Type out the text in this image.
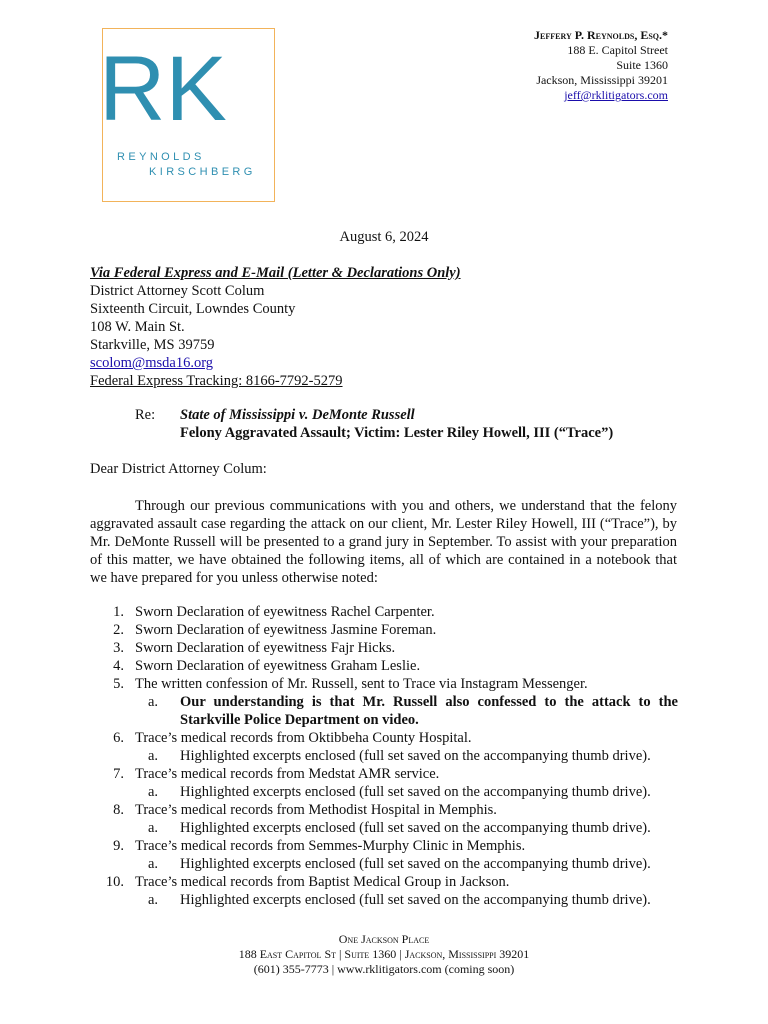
RK
REYNOLDS
KIRSCHBERG
Jeffery P. Reynolds, Esq.*
188 E. Capitol Street
Suite 1360
Jackson, Mississippi 39201
jeff@rklitigators.com
August 6, 2024
Via Federal Express and E-Mail (Letter & Declarations Only)
District Attorney Scott Colum
Sixteenth Circuit, Lowndes County
108 W. Main St.
Starkville, MS 39759
scolom@msda16.org
Federal Express Tracking: 8166-7792-5279
Re: State of Mississippi v. DeMonte Russell
Felony Aggravated Assault; Victim: Lester Riley Howell, III (“Trace”)
Dear District Attorney Colum:
Through our previous communications with you and others, we understand that the felony aggravated assault case regarding the attack on our client, Mr. Lester Riley Howell, III (“Trace”), by Mr. DeMonte Russell will be presented to a grand jury in September. To assist with your preparation of this matter, we have obtained the following items, all of which are contained in a notebook that we have prepared for you unless otherwise noted:
1. Sworn Declaration of eyewitness Rachel Carpenter.
2. Sworn Declaration of eyewitness Jasmine Foreman.
3. Sworn Declaration of eyewitness Fajr Hicks.
4. Sworn Declaration of eyewitness Graham Leslie.
5. The written confession of Mr. Russell, sent to Trace via Instagram Messenger.
a. Our understanding is that Mr. Russell also confessed to the attack to the Starkville Police Department on video.
6. Trace’s medical records from Oktibbeha County Hospital.
a. Highlighted excerpts enclosed (full set saved on the accompanying thumb drive).
7. Trace’s medical records from Medstat AMR service.
a. Highlighted excerpts enclosed (full set saved on the accompanying thumb drive).
8. Trace’s medical records from Methodist Hospital in Memphis.
a. Highlighted excerpts enclosed (full set saved on the accompanying thumb drive).
9. Trace’s medical records from Semmes-Murphy Clinic in Memphis.
a. Highlighted excerpts enclosed (full set saved on the accompanying thumb drive).
10. Trace’s medical records from Baptist Medical Group in Jackson.
a. Highlighted excerpts enclosed (full set saved on the accompanying thumb drive).
One Jackson Place
188 East Capitol St | Suite 1360 | Jackson, Mississippi 39201
(601) 355-7773 | www.rklitigators.com (coming soon)
